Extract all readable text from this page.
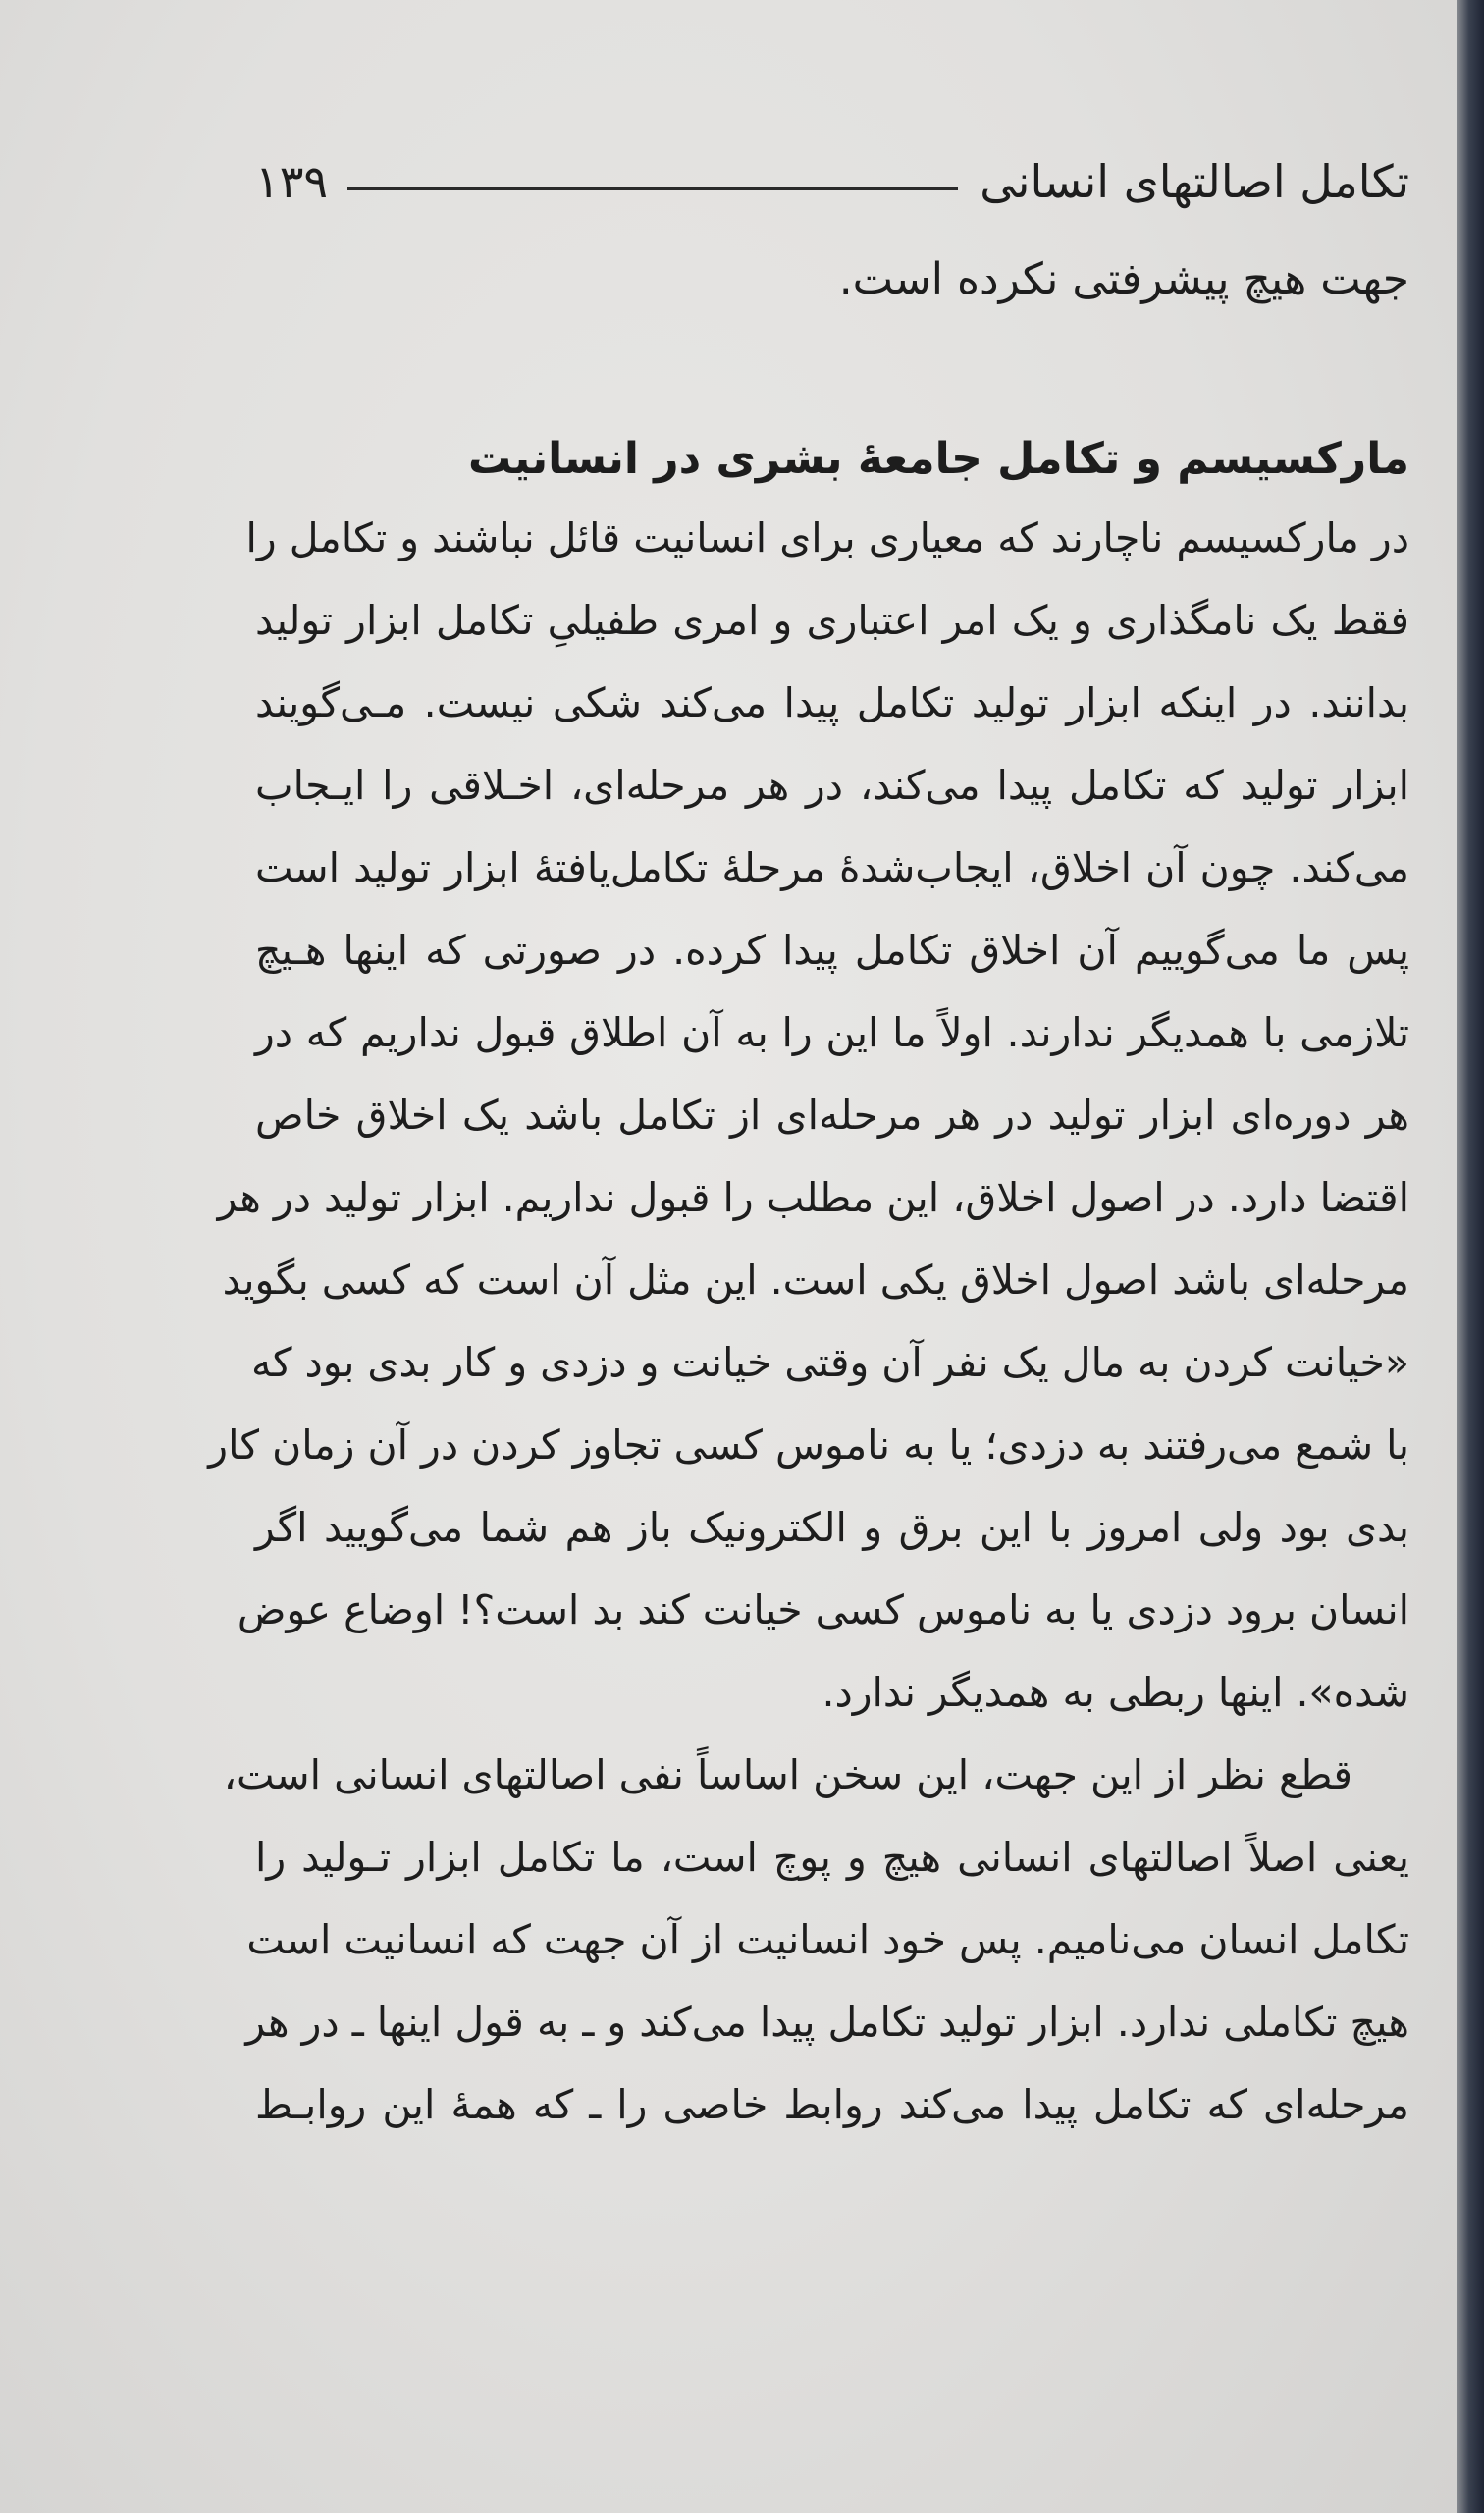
تکامل اصالتهای انسانی
۱۳۹
جهت هیچ پیشرفتی نکرده است.
مارکسیسم و تکامل جامعهٔ بشری در انسانیت
در مارکسیسم ناچارند که معیاری برای انسانیت قائل نباشند و تکامل را
فقط یک نامگذاری و یک امر اعتباری و امری طفیلیِ تکامل ابزار تولید
بدانند. در اینکه ابزار تولید تکامل پیدا می‌کند شکی نیست. مـی‌گویند
ابزار تولید که تکامل پیدا می‌کند، در هر مرحله‌ای، اخـلاقی را ایـجاب
می‌کند. چون آن اخلاق، ایجاب‌شدهٔ مرحلهٔ تکامل‌یافتهٔ ابزار تولید است
پس ما می‌گوییم آن اخلاق تکامل پیدا کرده. در صورتی که اینها هـیچ
تلازمی با همدیگر ندارند. اولاً ما این را به آن اطلاق قبول نداریم که در
هر دوره‌ای ابزار تولید در هر مرحله‌ای از تکامل باشد یک اخلاق خاص
اقتضا دارد. در اصول اخلاق، این مطلب را قبول نداریم. ابزار تولید در هر
مرحله‌ای باشد اصول اخلاق یکی است. این مثل آن است که کسی بگوید
«خیانت کردن به مال یک نفر آن وقتی خیانت و دزدی و کار بدی بود که
با شمع می‌رفتند به دزدی؛ یا به ناموس کسی تجاوز کردن در آن زمان کار
بدی بود ولی امروز با این برق و الکترونیک باز هم شما می‌گویید اگر
انسان برود دزدی یا به ناموس کسی خیانت کند بد است؟! اوضاع عوض
شده». اینها ربطی به همدیگر ندارد.
قطع نظر از این جهت، این سخن اساساً نفی اصالتهای انسانی است،
یعنی اصلاً اصالتهای انسانی هیچ و پوچ است، ما تکامل ابزار تـولید را
تکامل انسان می‌نامیم. پس خود انسانیت از آن جهت که انسانیت است
هیچ تکاملی ندارد. ابزار تولید تکامل پیدا می‌کند و ـ به قول اینها ـ در هر
مرحله‌ای که تکامل پیدا می‌کند روابط خاصی را ـ که همهٔ این روابـط
